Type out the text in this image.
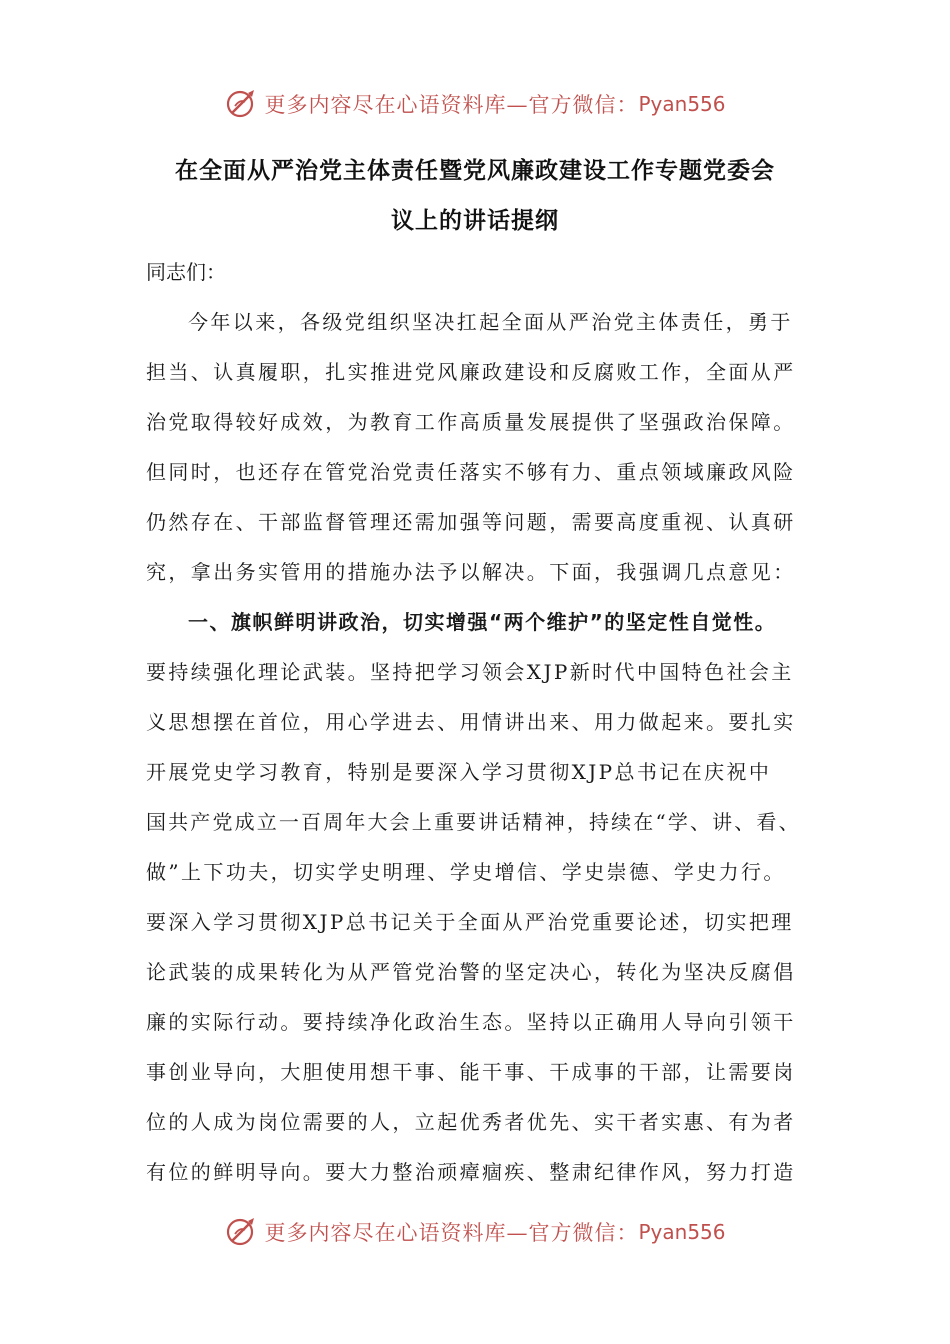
更多内容尽在心语资料库—官方微信： Pyan556
在全面从严治党主体责任暨党风廉政建设工作专题党委会
议上的讲话提纲
同志们：
今年以来，各级党组织坚决扛起全面从严治党主体责任，勇于
担当、认真履职，扎实推进党风廉政建设和反腐败工作，全面从严
治党取得较好成效，为教育工作高质量发展提供了坚强政治保障。
但同时，也还存在管党治党责任落实不够有力、重点领域廉政风险
仍然存在、干部监督管理还需加强等问题，需要高度重视、认真研
究，拿出务实管用的措施办法予以解决。下面，我强调几点意见：
一、旗帜鲜明讲政治，切实增强“两个维护”的坚定性自觉性。
要持续强化理论武装。坚持把学习领会XJP新时代中国特色社会主
义思想摆在首位，用心学进去、用情讲出来、用力做起来。要扎实
开展党史学习教育，特别是要深入学习贯彻XJP总书记在庆祝中
国共产党成立一百周年大会上重要讲话精神，持续在“学、讲、看、
做”上下功夫，切实学史明理、学史增信、学史崇德、学史力行。
要深入学习贯彻XJP总书记关于全面从严治党重要论述，切实把理
论武装的成果转化为从严管党治警的坚定决心，转化为坚决反腐倡
廉的实际行动。要持续净化政治生态。坚持以正确用人导向引领干
事创业导向，大胆使用想干事、能干事、干成事的干部，让需要岗
位的人成为岗位需要的人，立起优秀者优先、实干者实惠、有为者
有位的鲜明导向。要大力整治顽瘴痼疾、整肃纪律作风，努力打造
更多内容尽在心语资料库—官方微信： Pyan556
